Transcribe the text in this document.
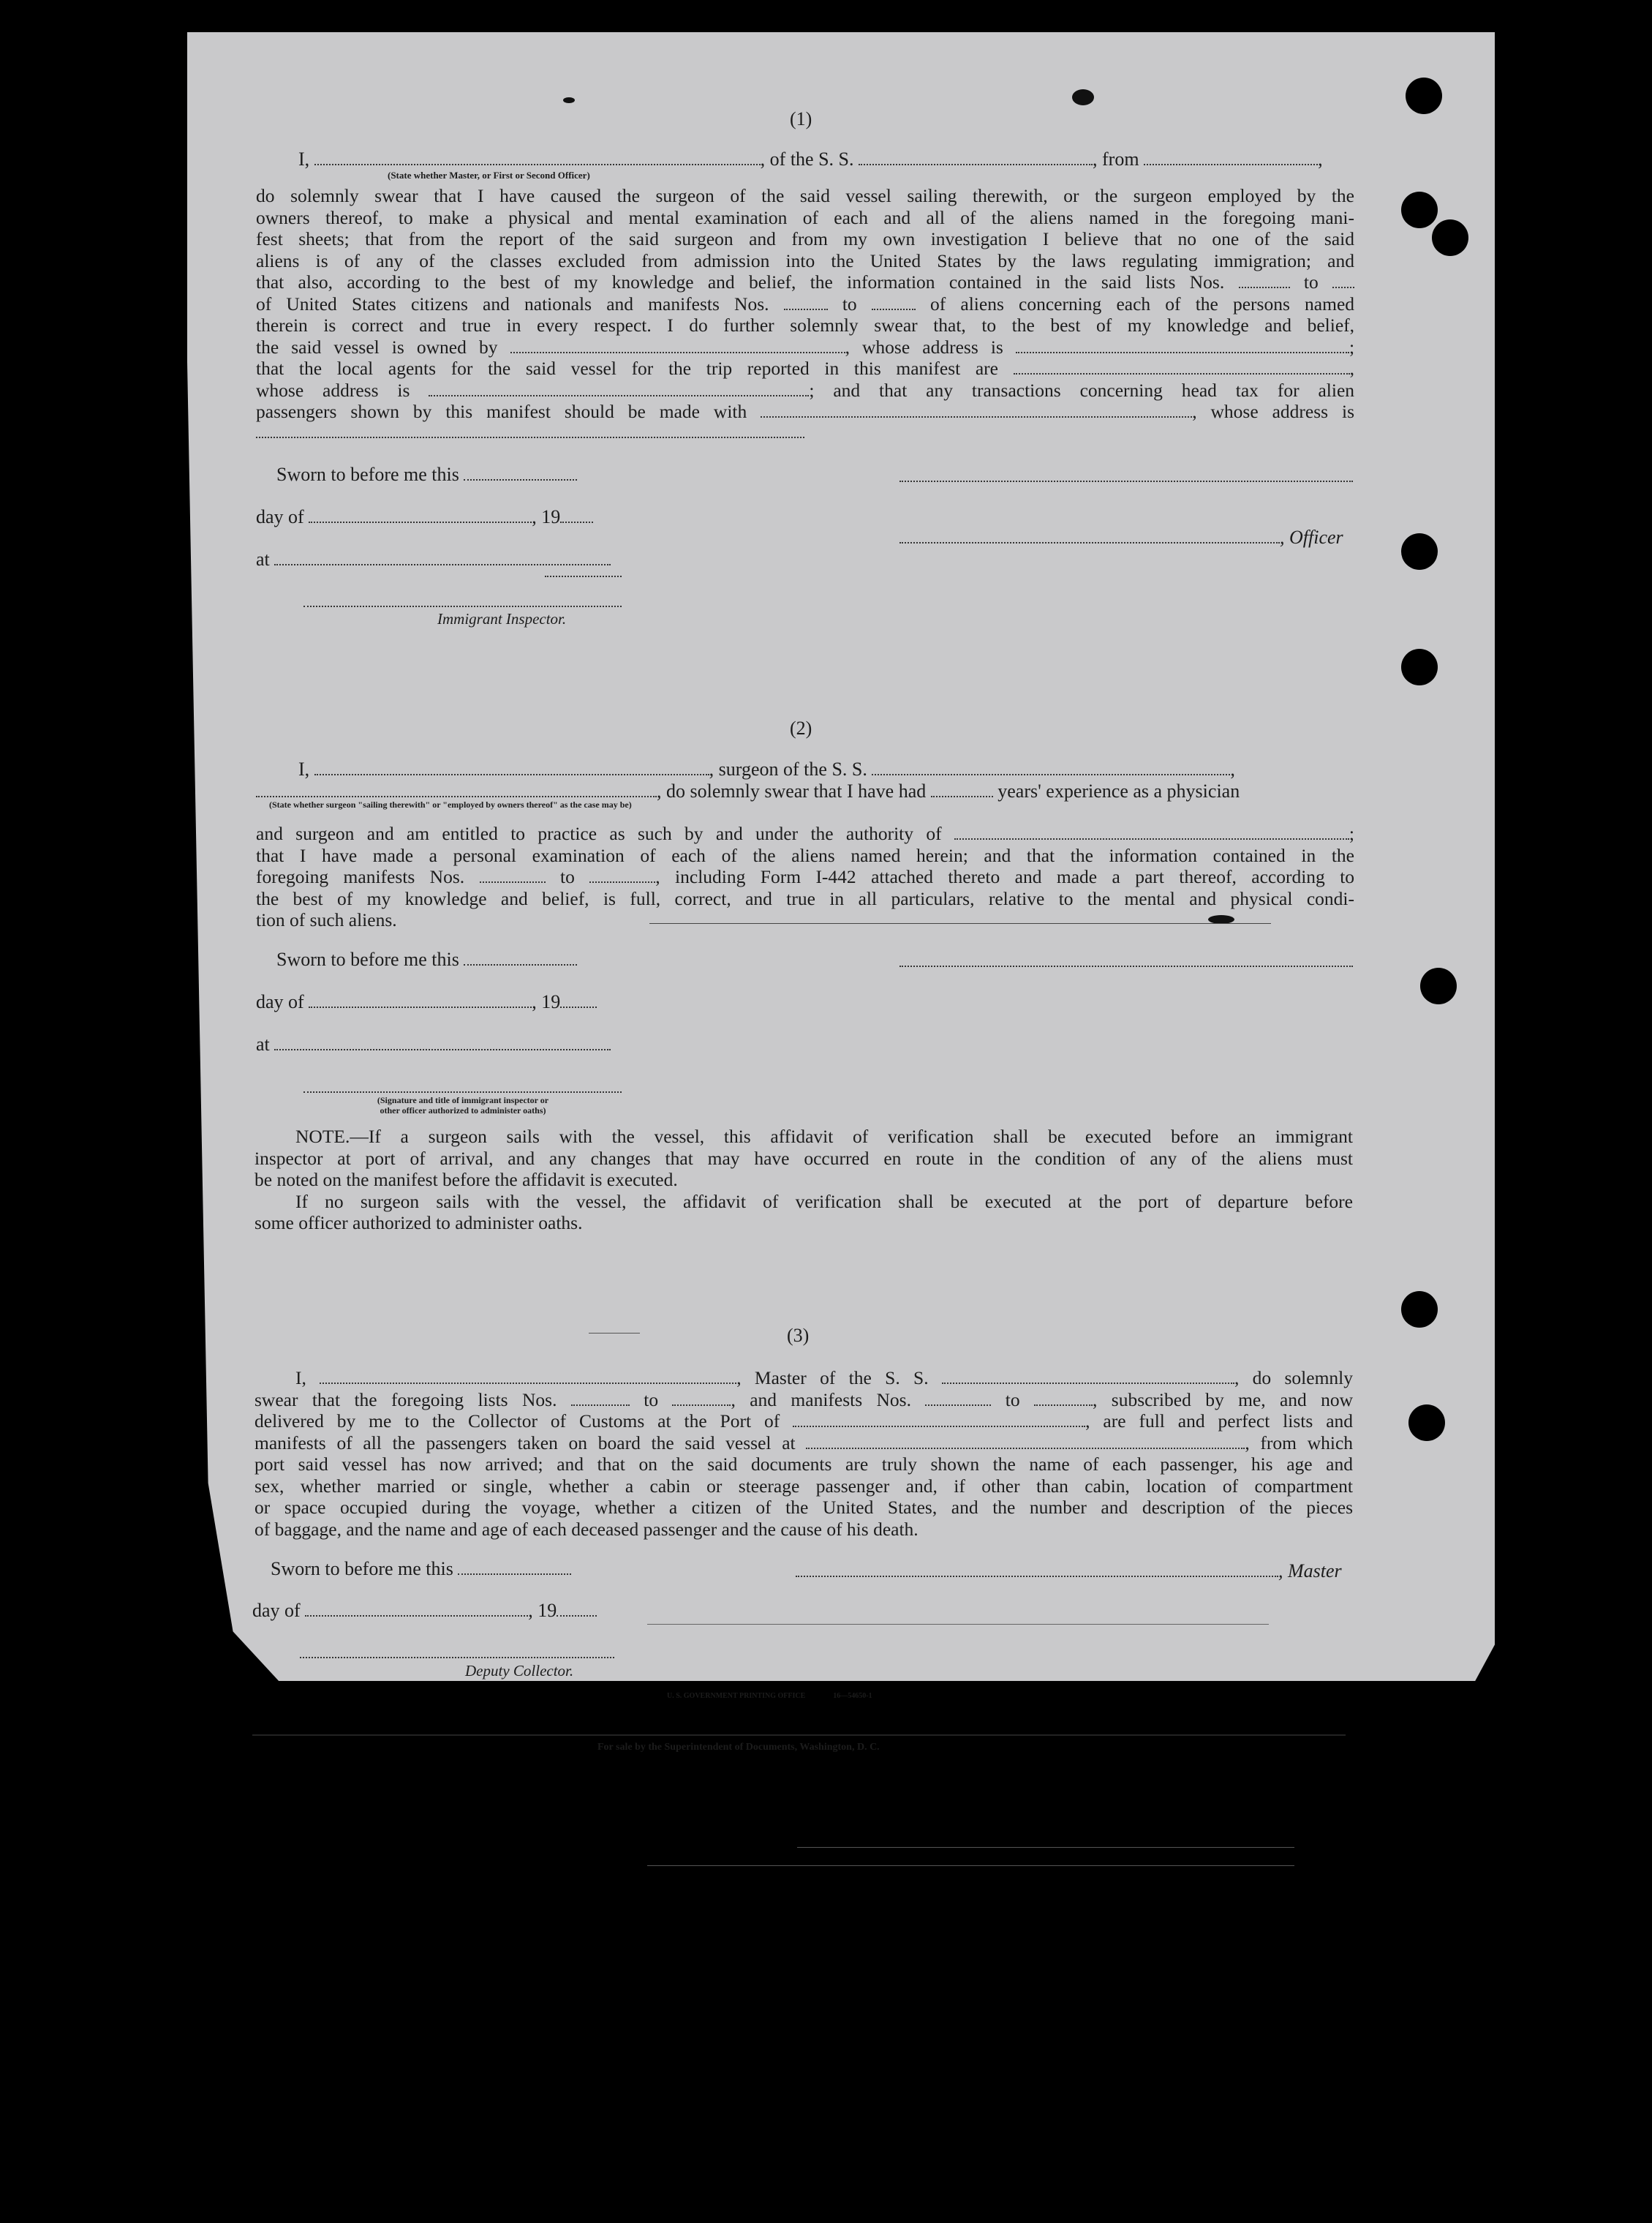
(1)
I,	, of the S. S.	, from	,
(State whether Master, or First or Second Officer)
do solemnly swear that I have caused the surgeon of the said vessel sailing therewith, or the surgeon employed by the
owners thereof, to make a physical and mental examination of each and all of the aliens named in the foregoing mani-
fest sheets; that from the report of the said surgeon and from my own investigation I believe that no one of the said
aliens is of any of the classes excluded from admission into the United States by the laws regulating immigration; and
that also, according to the best of my knowledge and belief, the information contained in the said lists Nos.	to
of United States citizens and nationals and manifests Nos.	to	of aliens concerning each of the persons named
therein is correct and true in every respect. I do further solemnly swear that, to the best of my knowledge and belief,
the said vessel is owned by	, whose address is	;
that the local agents for the said vessel for the trip reported in this manifest are	,
whose address is	; and that any transactions concerning head tax for alien
passengers shown by this manifest should be made with	, whose address is
Sworn to before me this
day of	, 19
, Officer
at
Immigrant Inspector.
(2)
I,	, surgeon of the S. S.	,
, do solemnly swear that I have had	years' experience as a physician
(State whether surgeon "sailing therewith" or "employed by owners thereof" as the case may be)
and surgeon and am entitled to practice as such by and under the authority of	;
that I have made a personal examination of each of the aliens named herein; and that the information contained in the
foregoing manifests Nos.	to	, including Form I-442 attached thereto and made a part thereof, according to
the best of my knowledge and belief, is full, correct, and true in all particulars, relative to the mental and physical condi-
tion of such aliens.
Sworn to before me this
day of	, 19
at
(Signature and title of immigrant inspector or
other officer authorized to administer oaths)
NOTE.—If a surgeon sails with the vessel, this affidavit of verification shall be executed before an immigrant
inspector at port of arrival, and any changes that may have occurred en route in the condition of any of the aliens must
be noted on the manifest before the affidavit is executed.
If no surgeon sails with the vessel, the affidavit of verification shall be executed at the port of departure before
some officer authorized to administer oaths.
(3)
I,	, Master of the S. S.	, do solemnly
swear that the foregoing lists Nos.	to	, and manifests Nos.	to	, subscribed by me, and now
delivered by me to the Collector of Customs at the Port of	, are full and perfect lists and
manifests of all the passengers taken on board the said vessel at	, from which
port said vessel has now arrived; and that on the said documents are truly shown the name of each passenger, his age and
sex, whether married or single, whether a cabin or steerage passenger and, if other than cabin, location of compartment
or space occupied during the voyage, whether a citizen of the United States, and the number and description of the pieces
of baggage, and the name and age of each deceased passenger and the cause of his death.
Sworn to before me this	, Master
day of	, 19
Deputy Collector.
U. S. GOVERNMENT PRINTING OFFICE	16—54650-1
For sale by the Superintendent of Documents, Washington, D. C.
